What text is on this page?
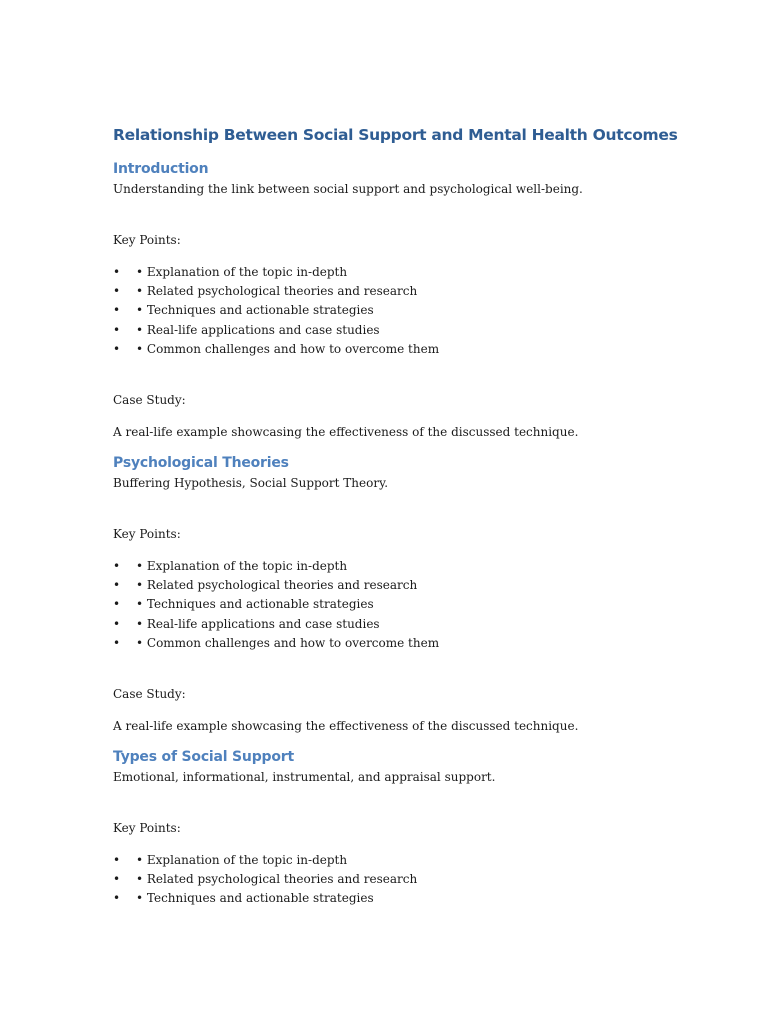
Relationship Between Social Support and Mental Health Outcomes
Introduction

Understanding the link between social support and psychological well-being.

Key Points:

• • Explanation of the topic in-depth
• • Related psychological theories and research
• • Techniques and actionable strategies
• • Real-life applications and case studies
• • Common challenges and how to overcome them

Case Study:

A real-life example showcasing the effectiveness of the discussed technique.

Psychological Theories

Buffering Hypothesis, Social Support Theory.

Key Points:

• • Explanation of the topic in-depth
• • Related psychological theories and research
• • Techniques and actionable strategies
• • Real-life applications and case studies
• • Common challenges and how to overcome them

Case Study:

A real-life example showcasing the effectiveness of the discussed technique.

Types of Social Support

Emotional, informational, instrumental, and appraisal support.

Key Points:

• • Explanation of the topic in-depth
• • Related psychological theories and research
• • Techniques and actionable strategies
